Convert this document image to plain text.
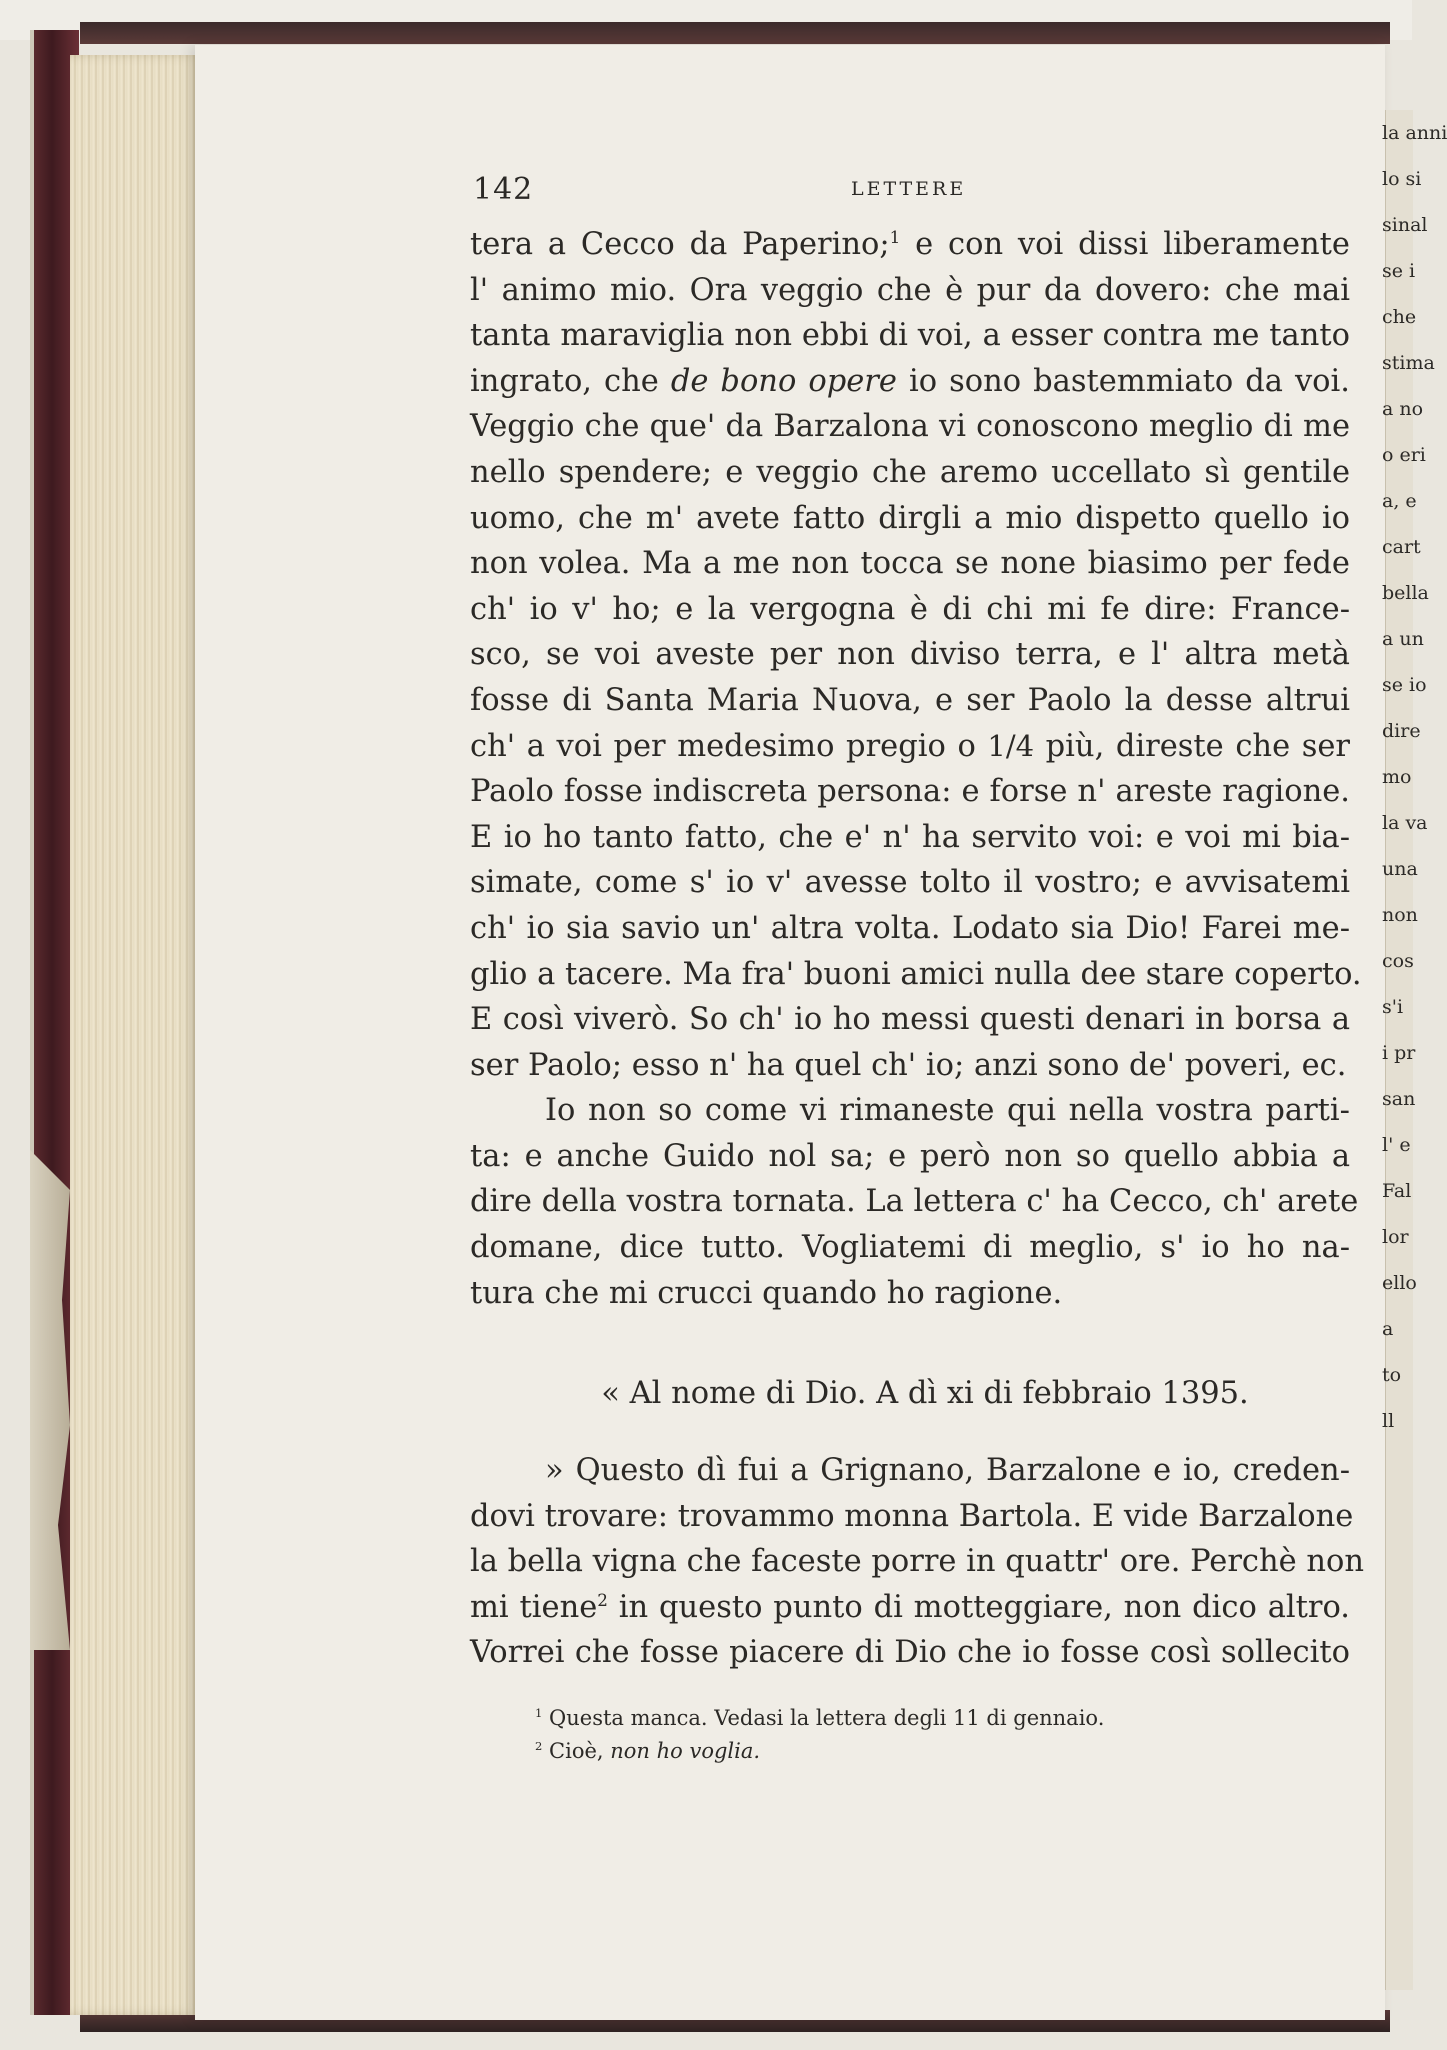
la anni
lo si
sinal
se i
che
stima
a no
o eri
a, e
cart
bella
a un
se io
dire
mo
la va
una
non
cos
s'i
i pr
san
l' e
Fal
lor
ello
a
to
ll
142	LETTERE
tera a Cecco da Paperino;$^1$ e con voi dissi liberamente
l' animo mio. Ora veggio che è pur da dovero: che mai
tanta maraviglia non ebbi di voi, a esser contra me tanto
ingrato, che de bono opere io sono bastemmiato da voi.
Veggio che que' da Barzalona vi conoscono meglio di me
nello spendere; e veggio che aremo uccellato sì gentile
uomo, che m' avete fatto dirgli a mio dispetto quello io
non volea. Ma a me non tocca se none biasimo per fede
ch' io v' ho; e la vergogna è di chi mi fe dire: France-
sco, se voi aveste per non diviso terra, e l' altra metà
fosse di Santa Maria Nuova, e ser Paolo la desse altrui
ch' a voi per medesimo pregio o 1/4 più, direste che ser
Paolo fosse indiscreta persona: e forse n' areste ragione.
E io ho tanto fatto, che e' n' ha servito voi: e voi mi bia-
simate, come s' io v' avesse tolto il vostro; e avvisatemi
ch' io sia savio un' altra volta. Lodato sia Dio! Farei me-
glio a tacere. Ma fra' buoni amici nulla dee stare coperto.
E così viverò. So ch' io ho messi questi denari in borsa a
ser Paolo; esso n' ha quel ch' io; anzi sono de' poveri, ec.
Io non so come vi rimaneste qui nella vostra parti-
ta: e anche Guido nol sa; e però non so quello abbia a
dire della vostra tornata. La lettera c' ha Cecco, ch' arete
domane, dice tutto. Vogliatemi di meglio, s' io ho na-
tura che mi crucci quando ho ragione.
« Al nome di Dio. A dì xi di febbraio 1395.
» Questo dì fui a Grignano, Barzalone e io, creden-
dovi trovare: trovammo monna Bartola. E vide Barzalone
la bella vigna che faceste porre in quattr' ore. Perchè non
mi tiene$^2$ in questo punto di motteggiare, non dico altro.
Vorrei che fosse piacere di Dio che io fosse così sollecito
$^1$ Questa manca. Vedasi la lettera degli 11 di gennaio.
$^2$ Cioè, non ho voglia.
